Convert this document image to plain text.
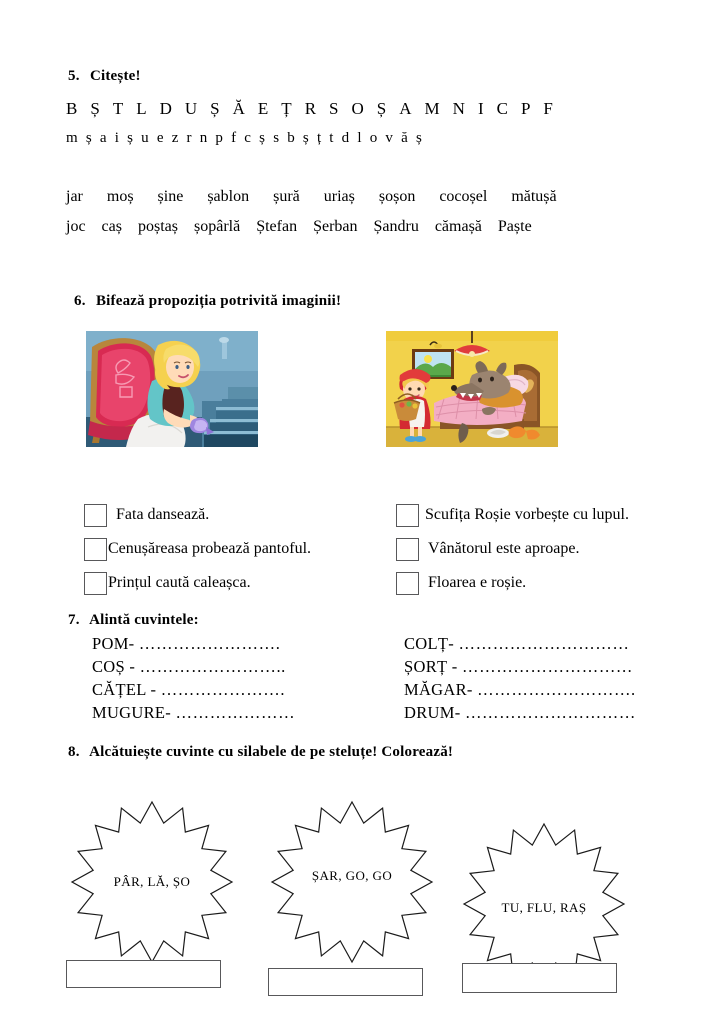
5. Citește!
B Ș T L D U Ș Ă E Ț R S O Ș A M N I C P F
m ș a i ș u e z r n p f c ș s b ș ț t d l o v ă ș
jar moș șine șablon șură uriaș șoșon cocoșel mătușă
joc caș poștaș șopârlă Ștefan Șerban Șandru cămașă Paște
6. Bifează propoziția potrivită imaginii!
Fata dansează.
Cenușăreasa probează pantoful.
Prințul caută caleașca.
Scufița Roșie vorbește cu lupul.
Vânătorul este aproape.
Floarea e roșie.
7. Alintă cuvintele:
POM- …………………….
COȘ - ……………………..
CĂȚEL - ………………….
MUGURE- …………………
COLȚ- …………………………
ȘORȚ - …………………………
MĂGAR- ……………………….
DRUM- …………………………
8. Alcătuiește cuvinte cu silabele de pe steluțe! Colorează!
PÂR, LĂ, ȘO	ȘAR, GO, GO
TU, FLU, RAȘ
